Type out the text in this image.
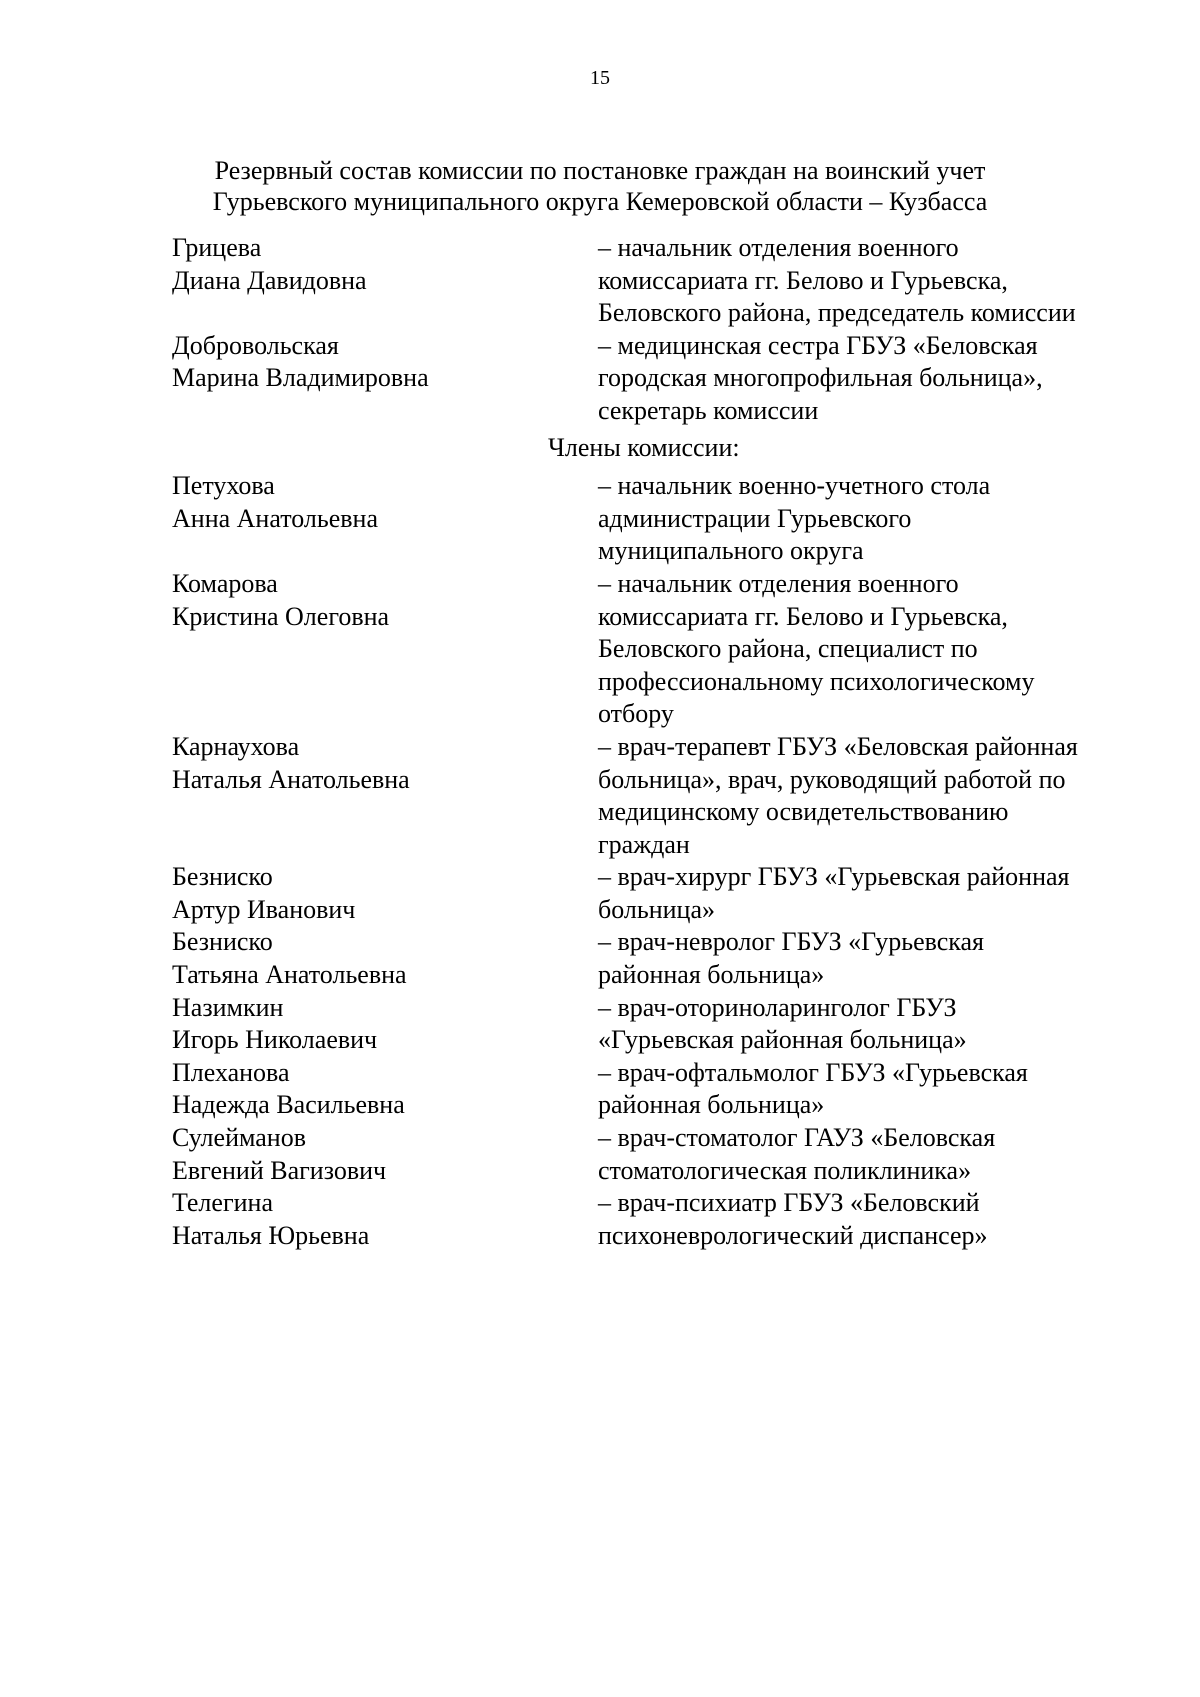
15
Резервный состав комиссии по постановке граждан на воинский учет
Гурьевского муниципального округа Кемеровской области – Кузбасса
Грицева
Диана Давидовна
– начальник отделения военного
комиссариата гг. Белово и Гурьевска,
Беловского района, председатель комиссии
Добровольская
Марина Владимировна
– медицинская сестра ГБУЗ «Беловская
городская многопрофильная больница»,
секретарь комиссии
Члены комиссии:
Петухова
Анна Анатольевна
– начальник военно-учетного стола
администрации Гурьевского
муниципального округа
Комарова
Кристина Олеговна
– начальник отделения военного
комиссариата гг. Белово и Гурьевска,
Беловского района, специалист по
профессиональному психологическому
отбору
Карнаухова
Наталья Анатольевна
– врач-терапевт ГБУЗ «Беловская районная
больница», врач, руководящий работой по
медицинскому освидетельствованию
граждан
Безниско
Артур Иванович
– врач-хирург ГБУЗ «Гурьевская районная
больница»
Безниско
Татьяна Анатольевна
– врач-невролог ГБУЗ «Гурьевская
районная больница»
Назимкин
Игорь Николаевич
– врач-оториноларинголог ГБУЗ
«Гурьевская районная больница»
Плеханова
Надежда Васильевна
– врач-офтальмолог ГБУЗ «Гурьевская
районная больница»
Сулейманов
Евгений Вагизович
– врач-стоматолог ГАУЗ «Беловская
стоматологическая поликлиника»
Телегина
Наталья Юрьевна
– врач-психиатр ГБУЗ «Беловский
психоневрологический диспансер»
